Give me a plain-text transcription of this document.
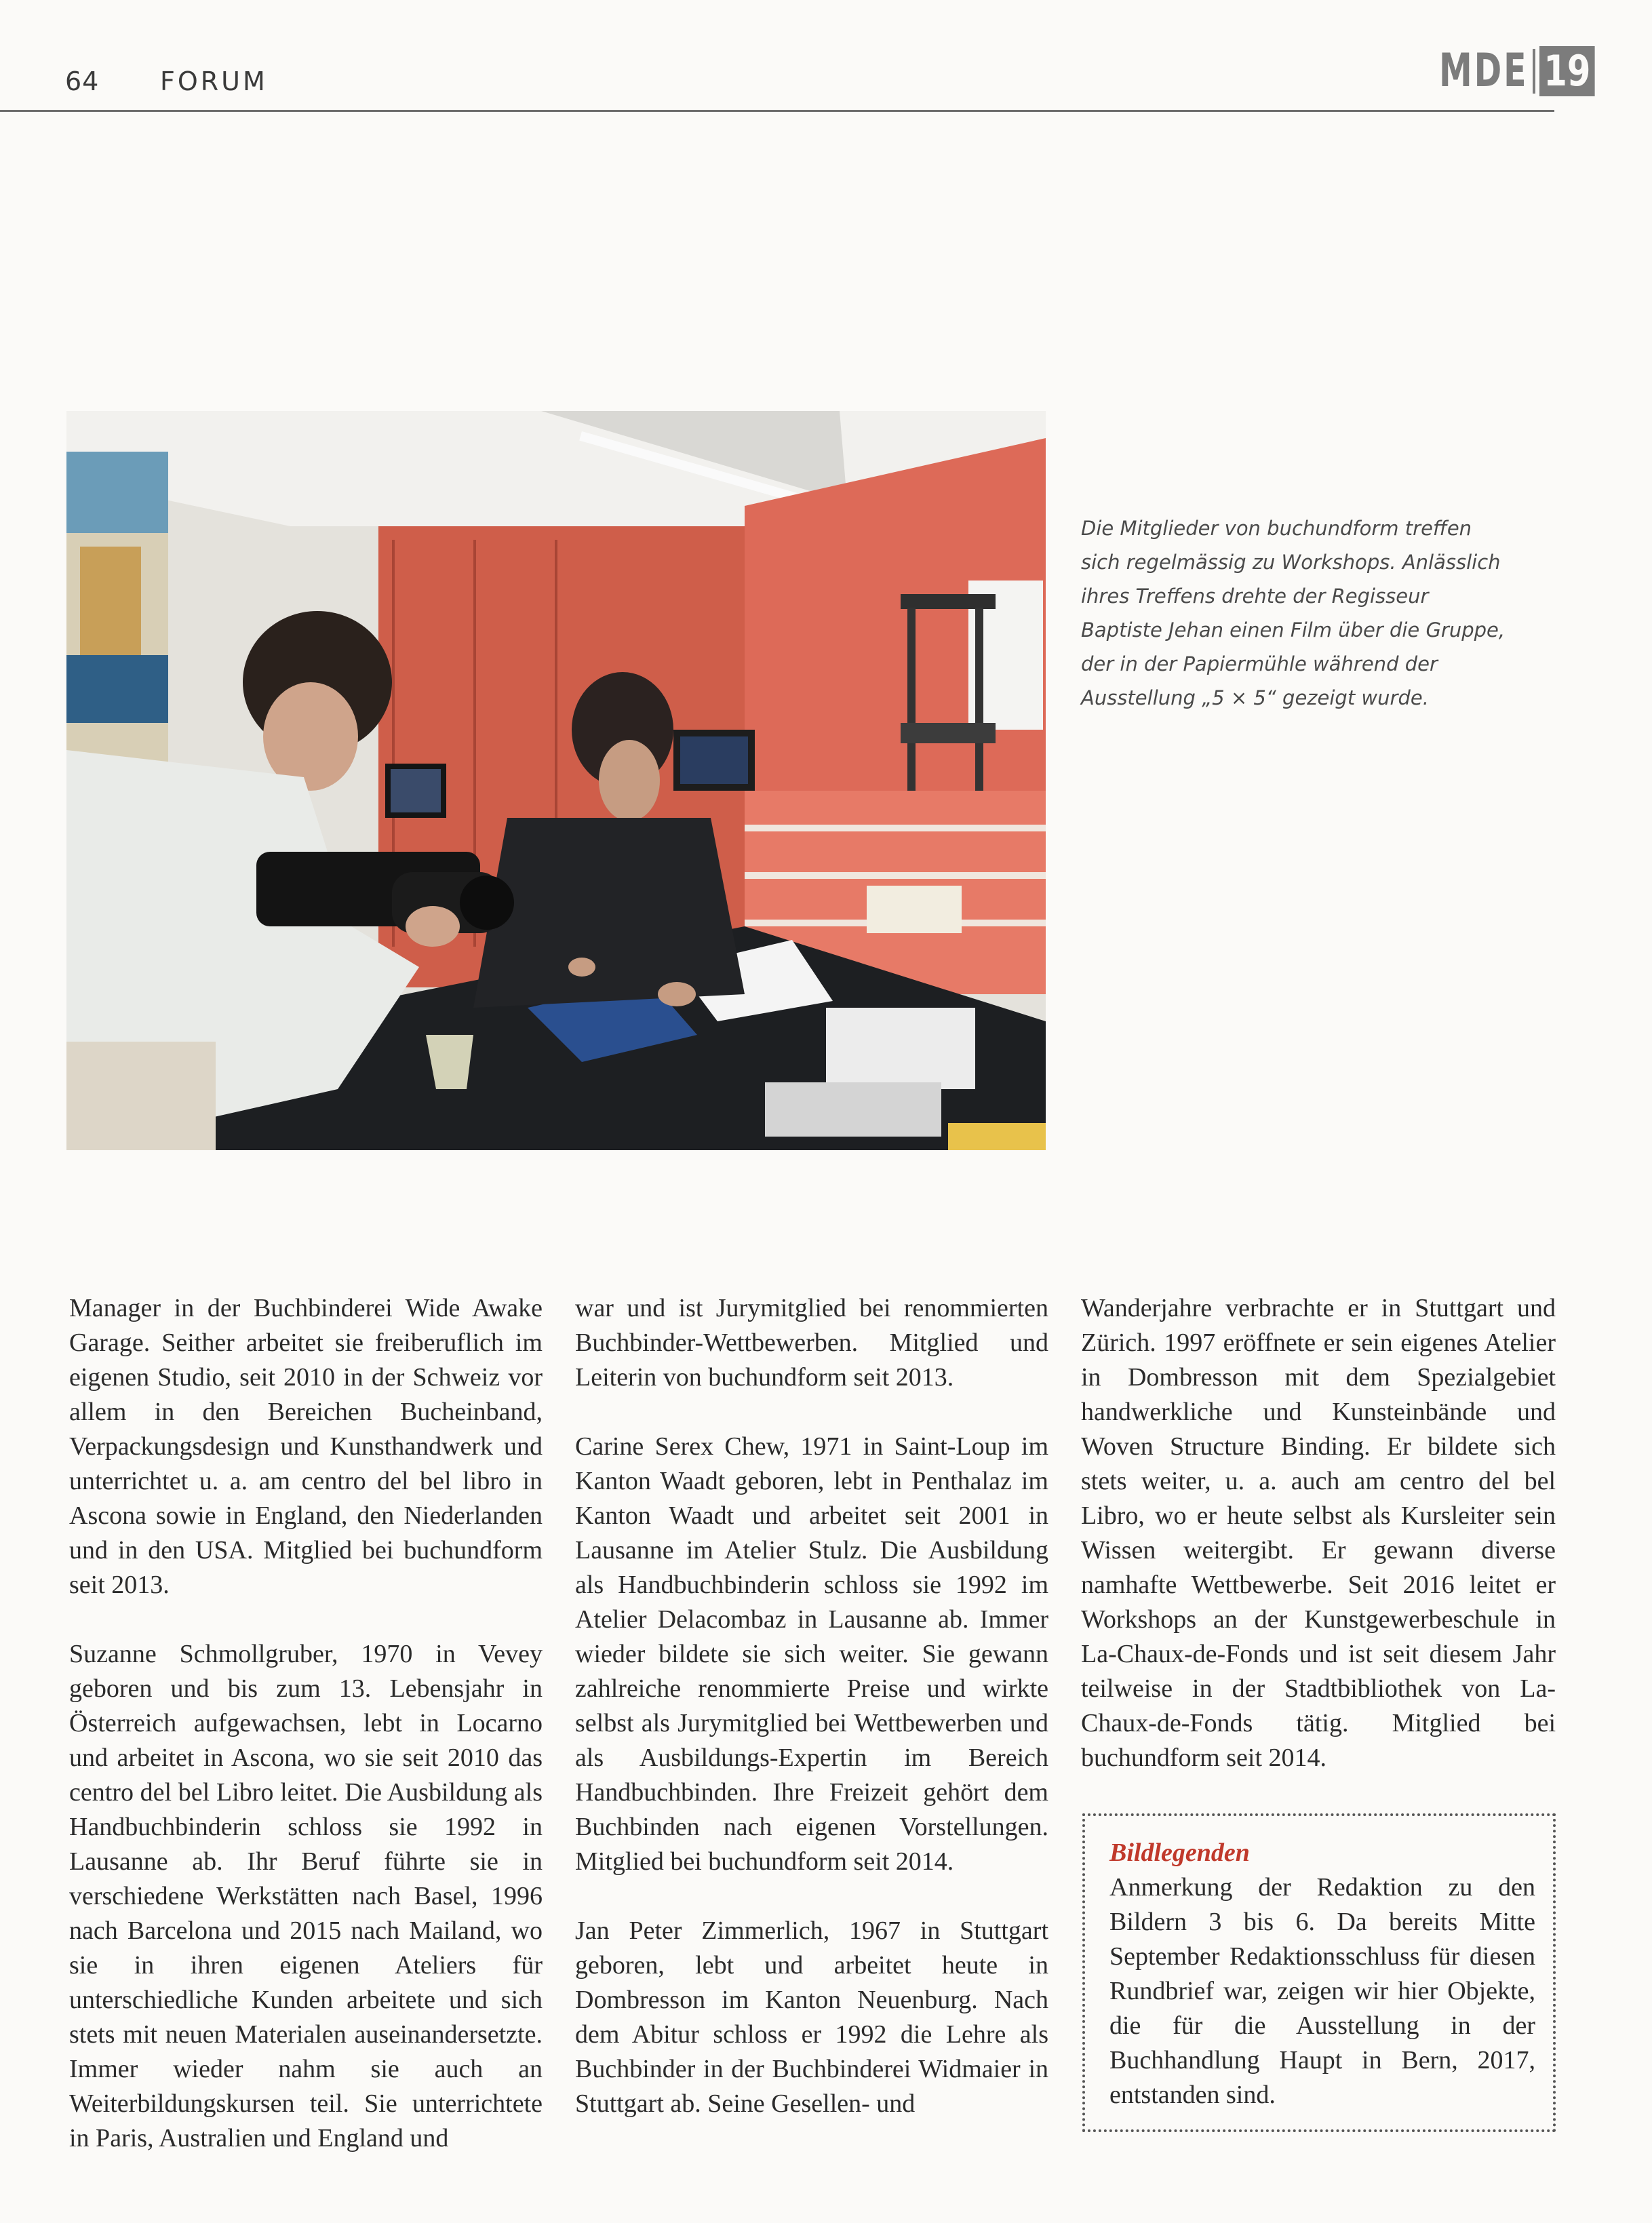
64 FORUM	MDE 19
Die Mitglieder von buchundform treffen sich regelmässig zu Workshops. Anlässlich ihres Treffens drehte der Regisseur Baptiste Jehan einen Film über die Gruppe, der in der Papiermühle während der Ausstellung „5 × 5“ gezeigt wurde.

Manager in der Buchbinderei Wide Awake Garage. Seither arbeitet sie freiberuflich im eigenen Studio, seit 2010 in der Schweiz vor allem in den Bereichen Bucheinband, Verpackungsdesign und Kunsthandwerk und unterrichtet u. a. am centro del bel libro in Ascona sowie in England, den Niederlanden und in den USA. Mitglied bei buchundform seit 2013.

Suzanne Schmollgruber, 1970 in Vevey geboren und bis zum 13. Lebensjahr in Österreich aufgewachsen, lebt in Locarno und arbeitet in Ascona, wo sie seit 2010 das centro del bel Libro leitet. Die Ausbildung als Handbuchbinderin schloss sie 1992 in Lausanne ab. Ihr Beruf führte sie in verschiedene Werkstätten nach Basel, 1996 nach Barcelona und 2015 nach Mailand, wo sie in ihren eigenen Ateliers für unterschiedliche Kunden arbeitete und sich stets mit neuen Materialen auseinandersetzte. Immer wieder nahm sie auch an Weiterbildungskursen teil. Sie unterrichtete in Paris, Australien und England und

war und ist Jurymitglied bei renommierten Buchbinder-Wettbewerben. Mitglied und Leiterin von buchundform seit 2013.

Carine Serex Chew, 1971 in Saint-Loup im Kanton Waadt geboren, lebt in Penthalaz im Kanton Waadt und arbeitet seit 2001 in Lausanne im Atelier Stulz. Die Ausbildung als Handbuchbinderin schloss sie 1992 im Atelier Delacombaz in Lausanne ab. Immer wieder bildete sie sich weiter. Sie gewann zahlreiche renommierte Preise und wirkte selbst als Jurymitglied bei Wettbewerben und als Ausbildungs-Expertin im Bereich Handbuchbinden. Ihre Freizeit gehört dem Buchbinden nach eigenen Vorstellungen. Mitglied bei buchundform seit 2014.

Jan Peter Zimmerlich, 1967 in Stuttgart geboren, lebt und arbeitet heute in Dombresson im Kanton Neuenburg. Nach dem Abitur schloss er 1992 die Lehre als Buchbinder in der Buchbinderei Widmaier in Stuttgart ab. Seine Gesellen- und

Wanderjahre verbrachte er in Stuttgart und Zürich. 1997 eröffnete er sein eigenes Atelier in Dombresson mit dem Spezialgebiet handwerkliche und Kunsteinbände und Woven Structure Binding. Er bildete sich stets weiter, u. a. auch am centro del bel Libro, wo er heute selbst als Kursleiter sein Wissen weitergibt. Er gewann diverse namhafte Wettbewerbe. Seit 2016 leitet er Workshops an der Kunstgewerbeschule in La-Chaux-de-Fonds und ist seit diesem Jahr teilweise in der Stadtbibliothek von La-Chaux-de-Fonds tätig. Mitglied bei buchundform seit 2014.

Bildlegenden
Anmerkung der Redaktion zu den Bildern 3 bis 6. Da bereits Mitte September Redaktionsschluss für diesen Rundbrief war, zeigen wir hier Objekte, die für die Ausstellung in der Buchhandlung Haupt in Bern, 2017, entstanden sind.
